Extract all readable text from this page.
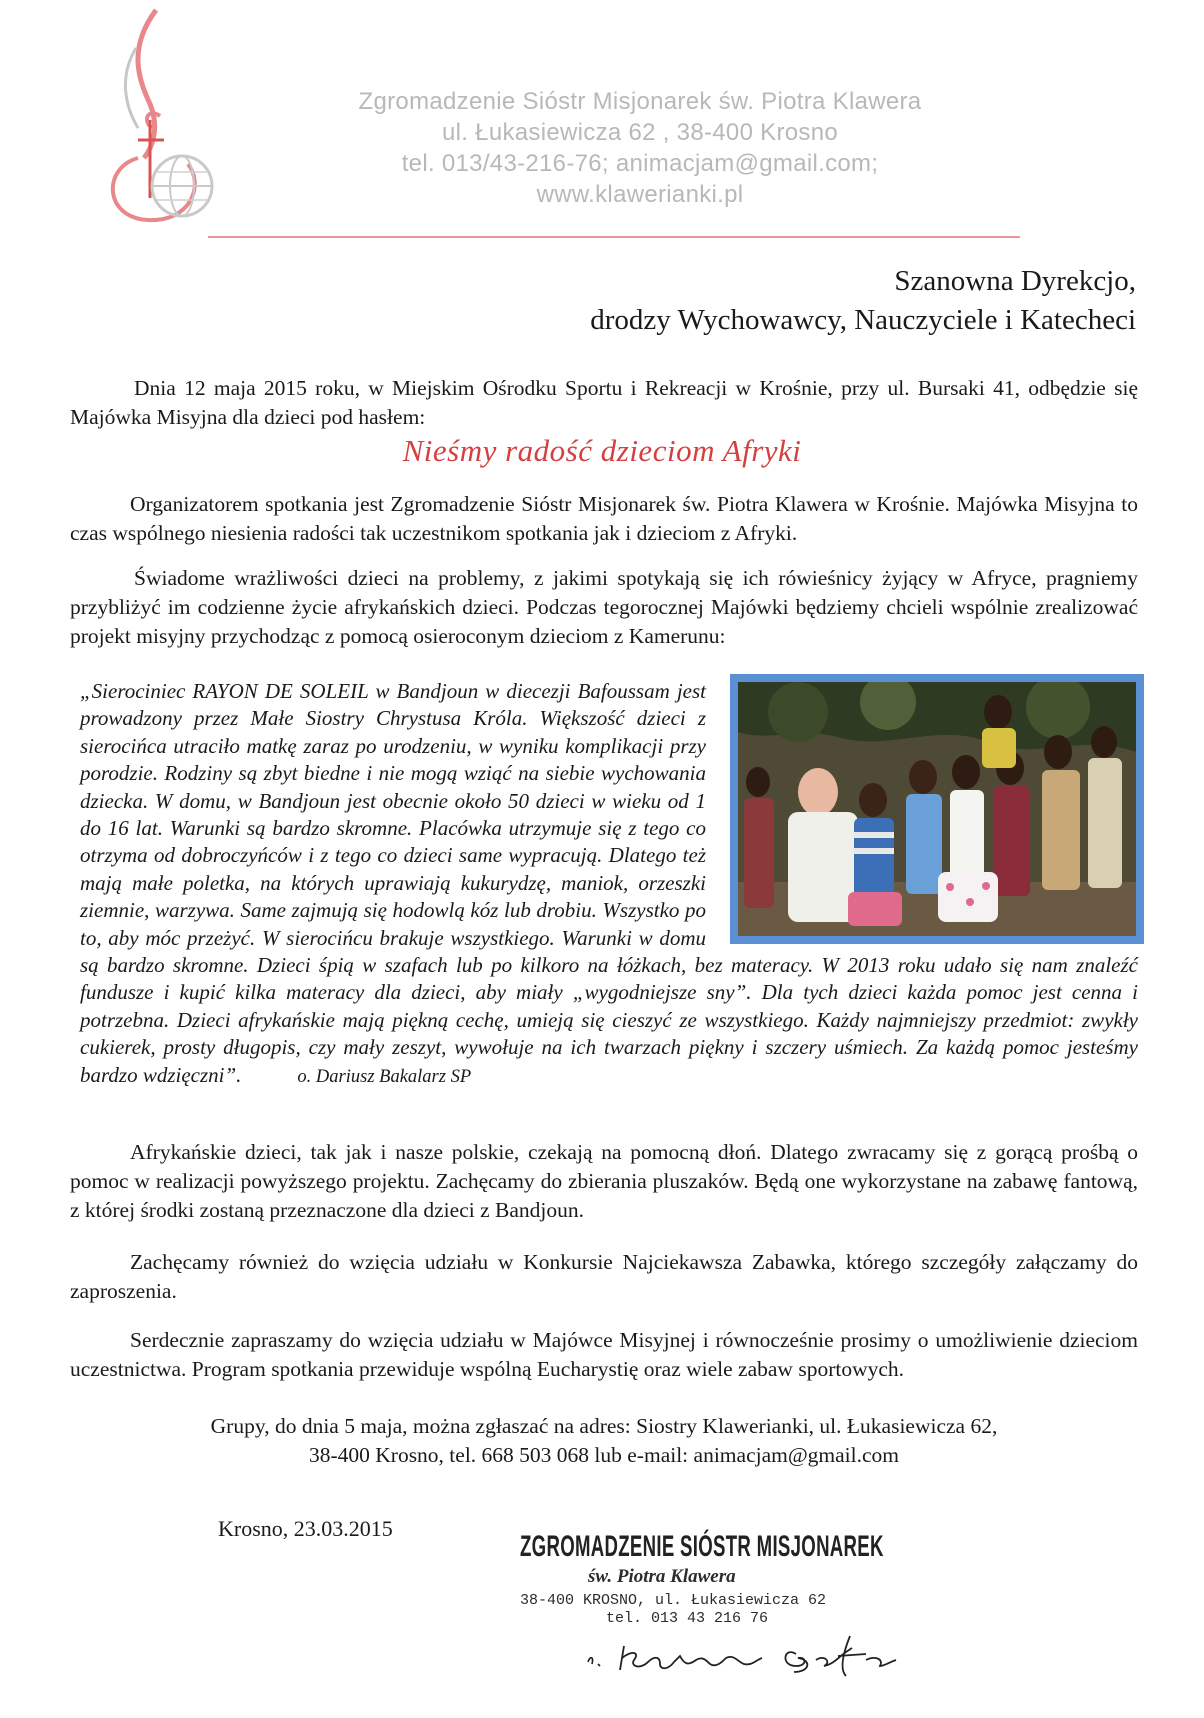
Zgromadzenie Sióstr Misjonarek św. Piotra Klawera
ul. Łukasiewicza 62 , 38-400 Krosno
tel. 013/43-216-76; animacjam@gmail.com;
www.klawerianki.pl
Szanowna Dyrekcjo,
drodzy Wychowawcy, Nauczyciele i Katecheci
Dnia 12 maja 2015 roku, w Miejskim Ośrodku Sportu i Rekreacji w Krośnie, przy ul. Bursaki 41, odbędzie się Majówka Misyjna dla dzieci pod hasłem:
Nieśmy radość dzieciom Afryki
Organizatorem spotkania jest Zgromadzenie Sióstr Misjonarek św. Piotra Klawera w Krośnie. Majówka Misyjna to czas wspólnego niesienia radości tak uczestnikom spotkania jak i dzieciom z Afryki.
Świadome wrażliwości dzieci na problemy, z jakimi spotykają się ich rówieśnicy żyjący w Afryce, pragniemy przybliżyć im codzienne życie afrykańskich dzieci. Podczas tegorocznej Majówki będziemy chcieli wspólnie zrealizować projekt misyjny przychodząc z pomocą osieroconym dzieciom z Kamerunu:
„Sierociniec RAYON DE SOLEIL w Bandjoun w diecezji Bafoussam jest prowadzony przez Małe Siostry Chrystusa Króla. Większość dzieci z sierocińca utraciło matkę zaraz po urodzeniu, w wyniku komplikacji przy porodzie. Rodziny są zbyt biedne i nie mogą wziąć na siebie wychowania dziecka. W domu, w Bandjoun jest obecnie około 50 dzieci w wieku od 1 do 16 lat. Warunki są bardzo skromne. Placówka utrzymuje się z tego co otrzyma od dobroczyńców i z tego co dzieci same wypracują. Dlatego też mają małe poletka, na których uprawiają kukurydzę, maniok, orzeszki ziemnie, warzywa. Same zajmują się hodowlą kóz lub drobiu. Wszystko po to, aby móc przeżyć. W sierocińcu brakuje wszystkiego. Warunki w domu są bardzo skromne. Dzieci śpią w szafach lub po kilkoro na łóżkach, bez materacy. W 2013 roku udało się nam znaleźć fundusze i kupić kilka materacy dla dzieci, aby miały „wygodniejsze sny”. Dla tych dzieci każda pomoc jest cenna i potrzebna. Dzieci afrykańskie mają piękną cechę, umieją się cieszyć ze wszystkiego. Każdy najmniejszy przedmiot: zwykły cukierek, prosty długopis, czy mały zeszyt, wywołuje na ich twarzach piękny i szczery uśmiech. Za każdą pomoc jesteśmy bardzo wdzięczni”.	o. Dariusz Bakalarz SP
Afrykańskie dzieci, tak jak i nasze polskie, czekają na pomocną dłoń. Dlatego zwracamy się z gorącą prośbą o pomoc w realizacji powyższego projektu. Zachęcamy do zbierania pluszaków. Będą one wykorzystane na zabawę fantową, z której środki zostaną przeznaczone dla dzieci z Bandjoun.
Zachęcamy również do wzięcia udziału w Konkursie Najciekawsza Zabawka, którego szczegóły załączamy do zaproszenia.
Serdecznie zapraszamy do wzięcia udziału w Majówce Misyjnej i równocześnie prosimy o umożliwienie dzieciom uczestnictwa. Program spotkania przewiduje wspólną Eucharystię oraz wiele zabaw sportowych.
Grupy, do dnia 5 maja, można zgłaszać na adres: Siostry Klawerianki, ul. Łukasiewicza 62,
38-400 Krosno, tel. 668 503 068 lub e-mail: animacjam@gmail.com
Krosno, 23.03.2015
ZGROMADZENIE SIÓSTR MISJONAREK
św. Piotra Klawera
38-400 KROSNO, ul. Łukasiewicza 62
tel. 013 43 216 76
